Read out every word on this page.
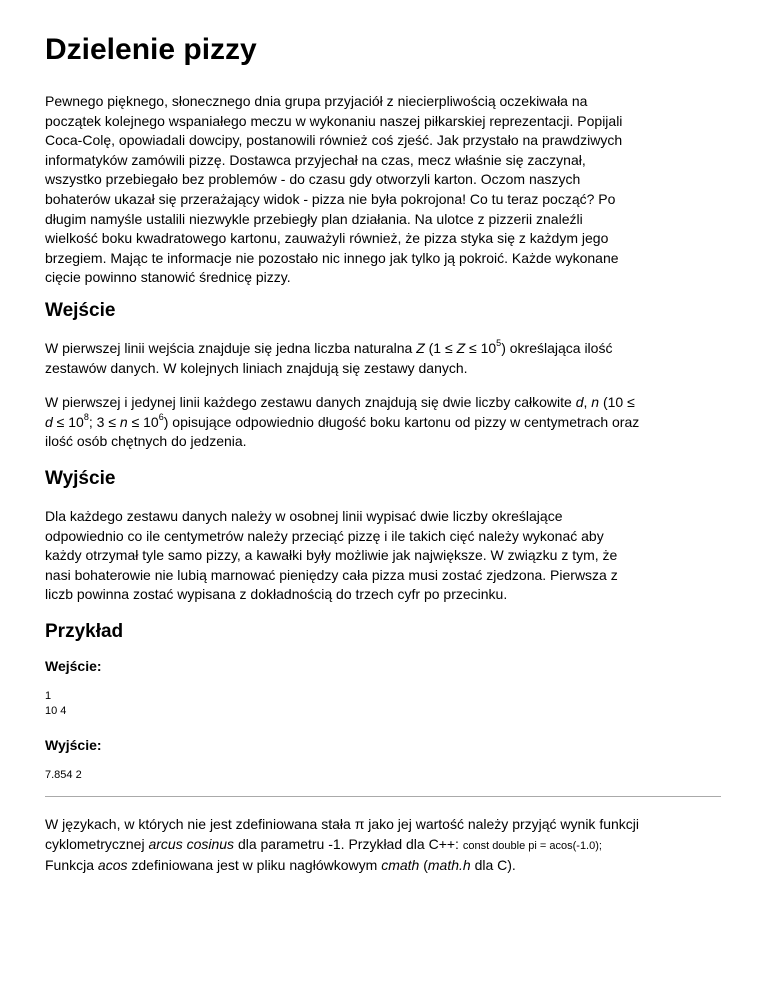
Dzielenie pizzy

Pewnego pięknego, słonecznego dnia grupa przyjaciół z niecierpliwością oczekiwała na
początek kolejnego wspaniałego meczu w wykonaniu naszej piłkarskiej reprezentacji. Popijali
Coca-Colę, opowiadali dowcipy, postanowili również coś zjeść. Jak przystało na prawdziwych
informatyków zamówili pizzę. Dostawca przyjechał na czas, mecz właśnie się zaczynał,
wszystko przebiegało bez problemów - do czasu gdy otworzyli karton. Oczom naszych
bohaterów ukazał się przerażający widok - pizza nie była pokrojona! Co tu teraz począć? Po
długim namyśle ustalili niezwykle przebiegły plan działania. Na ulotce z pizzerii znaleźli
wielkość boku kwadratowego kartonu, zauważyli również, że pizza styka się z każdym jego
brzegiem. Mając te informacje nie pozostało nic innego jak tylko ją pokroić. Każde wykonane
cięcie powinno stanowić średnicę pizzy.

Wejście

W pierwszej linii wejścia znajduje się jedna liczba naturalna Z $(1 \le Z \le 10^5)$ określająca ilość
zestawów danych. W kolejnych liniach znajdują się zestawy danych.

W pierwszej i jedynej linii każdego zestawu danych znajdują się dwie liczby całkowite d, n (10 ≤
$d \le 10^8$; $3 \le n \le 10^6$) opisujące odpowiednio długość boku kartonu od pizzy w centymetrach oraz
ilość osób chętnych do jedzenia.

Wyjście

Dla każdego zestawu danych należy w osobnej linii wypisać dwie liczby określające
odpowiednio co ile centymetrów należy przeciąć pizzę i ile takich cięć należy wykonać aby
każdy otrzymał tyle samo pizzy, a kawałki były możliwie jak największe. W związku z tym, że
nasi bohaterowie nie lubią marnować pieniędzy cała pizza musi zostać zjedzona. Pierwsza z
liczb powinna zostać wypisana z dokładnością do trzech cyfr po przecinku.

Przykład
Wejście:
1
10 4
Wyjście:
7.854 2

W językach, w których nie jest zdefiniowana stała π jako jej wartość należy przyjąć wynik funkcji
cyklometrycznej arcus cosinus dla parametru -1. Przykład dla C++: const double pi = acos(-1.0);
Funkcja acos zdefiniowana jest w pliku nagłówkowym cmath (math.h dla C).
